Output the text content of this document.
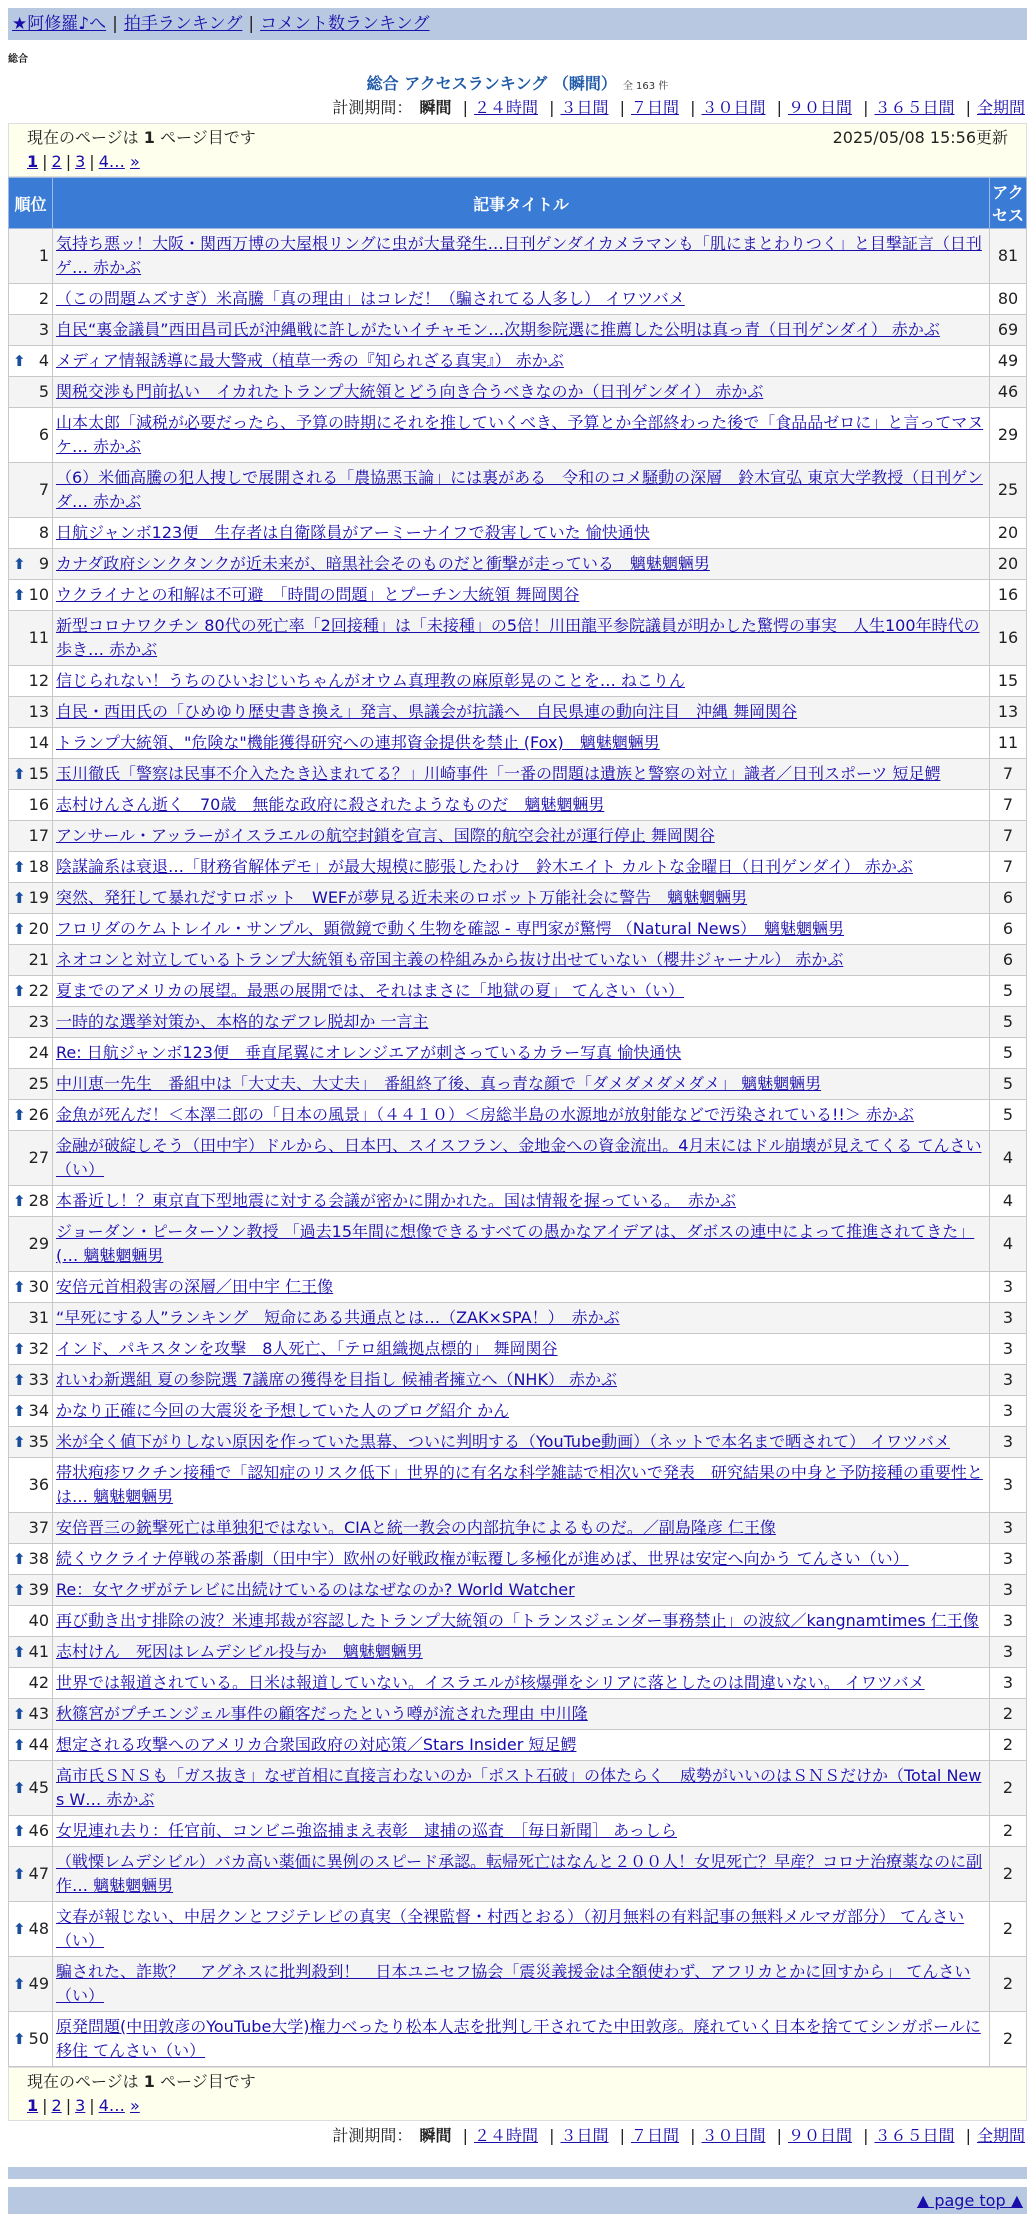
★阿修羅♪へ | 拍手ランキング | コメント数ランキング
総合
総合 アクセスランキング （瞬間） 全 163 件
計測期間： 瞬間 | ２４時間 | ３日間 | ７日間 | ３０日間 | ９０日間 | ３６５日間 | 全期間
現在のページは 1 ページ目です	2025/05/08 15:56更新
1 | 2 | 3 | 4… »
順位	記事タイトル	アクセス
1	気持ち悪ッ！大阪・関西万博の大屋根リングに虫が大量発生…日刊ゲンダイカメラマンも「肌にまとわりつく」と目撃証言（日刊ゲ… 赤かぶ	81
2	（この問題ムズすぎ）米高騰「真の理由」はコレだ！（騙されてる人多し） イワツバメ	80
3	自民“裏金議員”西田昌司氏が沖縄戦に許しがたいイチャモン…次期参院選に推薦した公明は真っ青（日刊ゲンダイ） 赤かぶ	69

⬆ 4	メディア情報誘導に最大警戒（植草一秀の『知られざる真実』） 赤かぶ	49
5	関税交渉も門前払い　イカれたトランプ大統領とどう向き合うべきなのか（日刊ゲンダイ） 赤かぶ	46
6	山本太郎「減税が必要だったら、予算の時期にそれを推していくべき、予算とか全部終わった後で「食品品ゼロに」と言ってマヌケ… 赤かぶ	29
7	（6）米価高騰の犯人捜しで展開される「農協悪玉論」には裏がある　令和のコメ騒動の深層　鈴木宣弘 東京大学教授（日刊ゲンダ… 赤かぶ	25
8	日航ジャンボ123便　生存者は自衛隊員がアーミーナイフで殺害していた 愉快通快	20

⬆ 9	カナダ政府シンクタンクが近未来が、暗黒社会そのものだと衝撃が走っている　魑魅魍魎男	20

⬆ 10	ウクライナとの和解は不可避　「時間の問題」とプーチン大統領 舞岡関谷	16
11	新型コロナワクチン 80代の死亡率「2回接種」は「未接種」の5倍！川田龍平参院議員が明かした驚愕の事実　人生100年時代の歩き… 赤かぶ	16
12	信じられない！うちのひいおじいちゃんがオウム真理教の麻原彰晃のことを… ねこりん	15
13	自民・西田氏の「ひめゆり歴史書き換え」発言、県議会が抗議へ　自民県連の動向注目　沖縄 舞岡関谷	13
14	トランプ大統領、"危険な"機能獲得研究への連邦資金提供を禁止 (Fox)　魑魅魍魎男	11

⬆ 15	玉川徹氏「警察は民事不介入たたき込まれてる？」川崎事件「一番の問題は遺族と警察の対立」識者／日刊スポーツ 短足鰐	7
16	志村けんさん逝く　70歳　無能な政府に殺されたようなものだ　魑魅魍魎男	7
17	アンサール・アッラーがイスラエルの航空封鎖を宣言、国際的航空会社が運行停止 舞岡関谷	7

⬆ 18	陰謀論系は衰退…「財務省解体デモ」が最大規模に膨張したわけ　鈴木エイト カルトな金曜日（日刊ゲンダイ） 赤かぶ	7

⬆ 19	突然、発狂して暴れだすロボット　WEFが夢見る近未来のロボット万能社会に警告　魑魅魍魎男	6

⬆ 20	フロリダのケムトレイル・サンプル、顕微鏡で動く生物を確認 - 専門家が驚愕 （Natural News）　魑魅魍魎男	6
21	ネオコンと対立しているトランプ大統領も帝国主義の枠組みから抜け出せていない（櫻井ジャーナル） 赤かぶ	6

⬆ 22	夏までのアメリカの展望。最悪の展開では、それはまさに「地獄の夏」 てんさい（い）	5
23	一時的な選挙対策か、本格的なデフレ脱却か 一言主	5
24	Re: 日航ジャンボ123便　垂直尾翼にオレンジエアが刺さっているカラー写真 愉快通快	5
25	中川恵一先生　番組中は「大丈夫、大丈夫」　番組終了後、真っ青な顔で「ダメダメダメダメ」 魑魅魍魎男	5

⬆ 26	金魚が死んだ！＜本澤二郎の「日本の風景」（４４１０）＜房総半島の水源地が放射能などで汚染されている!!＞ 赤かぶ	5
27	金融が破綻しそう（田中宇）ドルから、日本円、スイスフラン、金地金への資金流出。4月末にはドル崩壊が見えてくる てんさい（い）	4

⬆ 28	本番近し！？東京直下型地震に対する会議が密かに開かれた。国は情報を握っている。　赤かぶ	4
29	ジョーダン・ピーターソン教授 「過去15年間に想像できるすべての愚かなアイデアは、ダボスの連中によって推進されてきた」(… 魑魅魍魎男	4

⬆ 30	安倍元首相殺害の深層／田中宇 仁王像	3
31	“早死にする人”ランキング　短命にある共通点とは…（ZAK×SPA！）　赤かぶ	3

⬆ 32	インド、パキスタンを攻撃　8人死亡、「テロ組織拠点標的」 舞岡関谷	3

⬆ 33	れいわ新選組 夏の参院選 7議席の獲得を目指し 候補者擁立へ（NHK） 赤かぶ	3

⬆ 34	かなり正確に今回の大震災を予想していた人のブログ紹介 かん	3

⬆ 35	米が全く値下がりしない原因を作っていた黒幕、ついに判明する（YouTube動画）（ネットで本名まで晒されて） イワツバメ	3
36	帯状疱疹ワクチン接種で「認知症のリスク低下」世界的に有名な科学雑誌で相次いで発表　研究結果の中身と予防接種の重要性とは… 魑魅魍魎男	3
37	安倍晋三の銃撃死亡は単独犯ではない。CIAと統一教会の内部抗争によるものだ。／副島隆彦 仁王像	3

⬆ 38	続くウクライナ停戦の茶番劇（田中宇）欧州の好戦政権が転覆し多極化が進めば、世界は安定へ向かう てんさい（い）	3

⬆ 39	Re：女ヤクザがテレビに出続けているのはなぜなのか? World Watcher	3
40	再び動き出す排除の波？米連邦裁が容認したトランプ大統領の「トランスジェンダー事務禁止」の波紋／kangnamtimes 仁王像	3

⬆ 41	志村けん　死因はレムデシビル投与か　魑魅魍魎男	3
42	世界では報道されている。日米は報道していない。イスラエルが核爆弾をシリアに落としたのは間違いない。 イワツバメ	3

⬆ 43	秋篠宮がプチエンジェル事件の顧客だったという噂が流された理由 中川隆	2

⬆ 44	想定される攻撃へのアメリカ合衆国政府の対応策／Stars Insider 短足鰐	2

⬆ 45	高市氏ＳＮＳも「ガス抜き」なぜ首相に直接言わないのか「ポスト石破」の体たらく　威勢がいいのはＳＮＳだけか（Total News W… 赤かぶ	2

⬆ 46	女児連れ去り：任官前、コンビニ強盗捕まえ表彰　逮捕の巡査　［毎日新聞］ あっしら	2

⬆ 47	（戦慄レムデシビル）バカ高い薬価に異例のスピード承認。転帰死亡はなんと２００人！女児死亡？早産？コロナ治療薬なのに副作… 魑魅魍魎男	2

⬆ 48	文春が報じない、中居クンとフジテレビの真実（全裸監督・村西とおる）（初月無料の有料記事の無料メルマガ部分） てんさい（い）	2

⬆ 49	騙された、詐欺？　アグネスに批判殺到！　日本ユニセフ協会「震災義援金は全額使わず、アフリカとかに回すから」 てんさい（い）	2

⬆ 50	原発問題(中田敦彦のYouTube大学)権力べったり松本人志を批判し干されてた中田敦彦。廃れていく日本を捨ててシンガポールに移住 てんさい（い）	2
現在のページは 1 ページ目です
1 | 2 | 3 | 4… »
計測期間： 瞬間 | ２４時間 | ３日間 | ７日間 | ３０日間 | ９０日間 | ３６５日間 | 全期間
▲ page top ▲
